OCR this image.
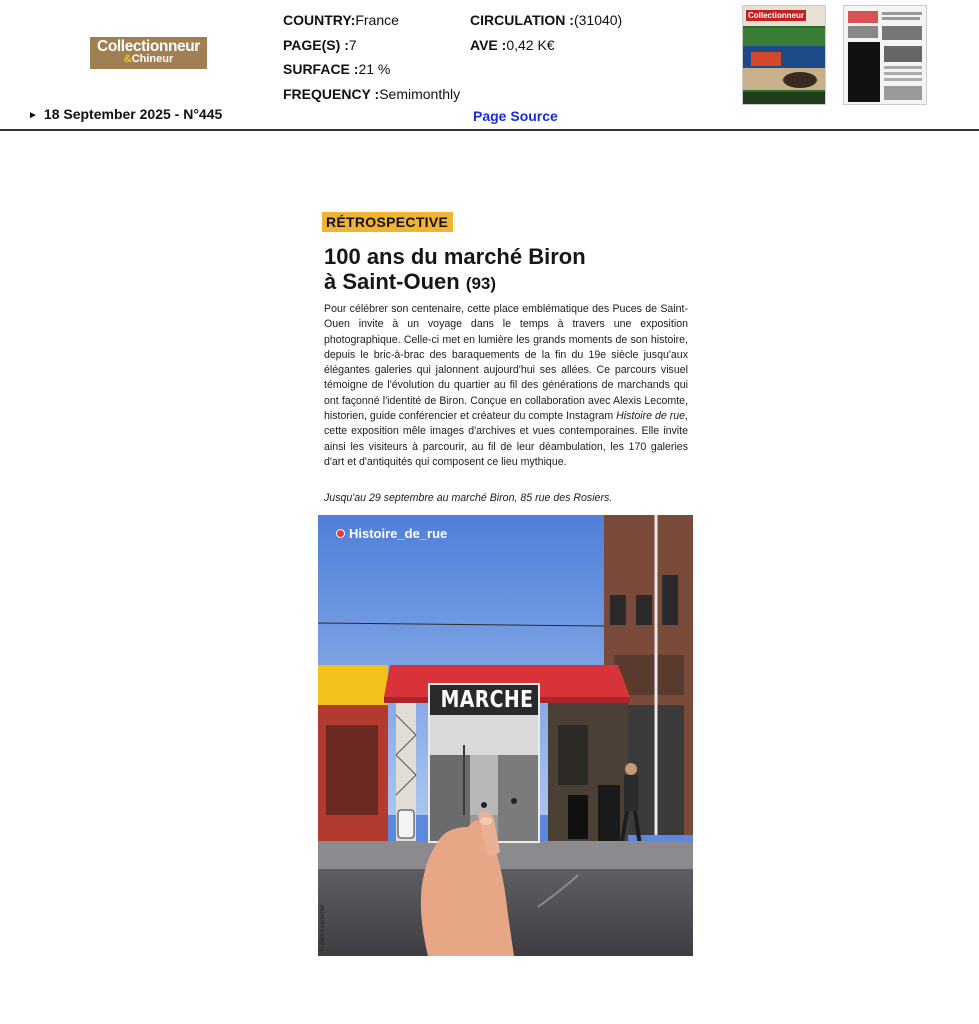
Collectionneur
&Chineur
► 18 September 2025 - N°445
COUNTRY:France
PAGE(S) :7
SURFACE :21 %
FREQUENCY :Semimonthly
CIRCULATION :(31040)
AVE :0,42 K€
Page Source
Collectionneur
RÉTROSPECTIVE
100 ans du marché Biron
à Saint-Ouen (93)

Pour célébrer son centenaire, cette place emblématique des Puces de Saint-Ouen invite à un voyage dans le temps à travers une exposition photographique. Celle-ci met en lumière les grands moments de son histoire, depuis le bric-à-brac des baraquements de la fin du 19e siècle jusqu'aux élégantes galeries qui jalonnent aujourd'hui ses allées. Ce parcours visuel témoigne de l'évolution du quartier au fil des générations de marchands qui ont façonné l'identité de Biron. Conçue en collaboration avec Alexis Lecomte, historien, guide conférencier et créateur du compte Instagram Histoire de rue, cette exposition mêle images d'archives et vues contemporaines. Elle invite ainsi les visiteurs à parcourir, au fil de leur déambulation, les 170 galeries d'art et d'antiquités qui composent ce lieu mythique.

Jusqu'au 29 septembre au marché Biron, 85 rue des Rosiers.
MARCHE
Histoire_de_rue
© Alexis Lecomte
